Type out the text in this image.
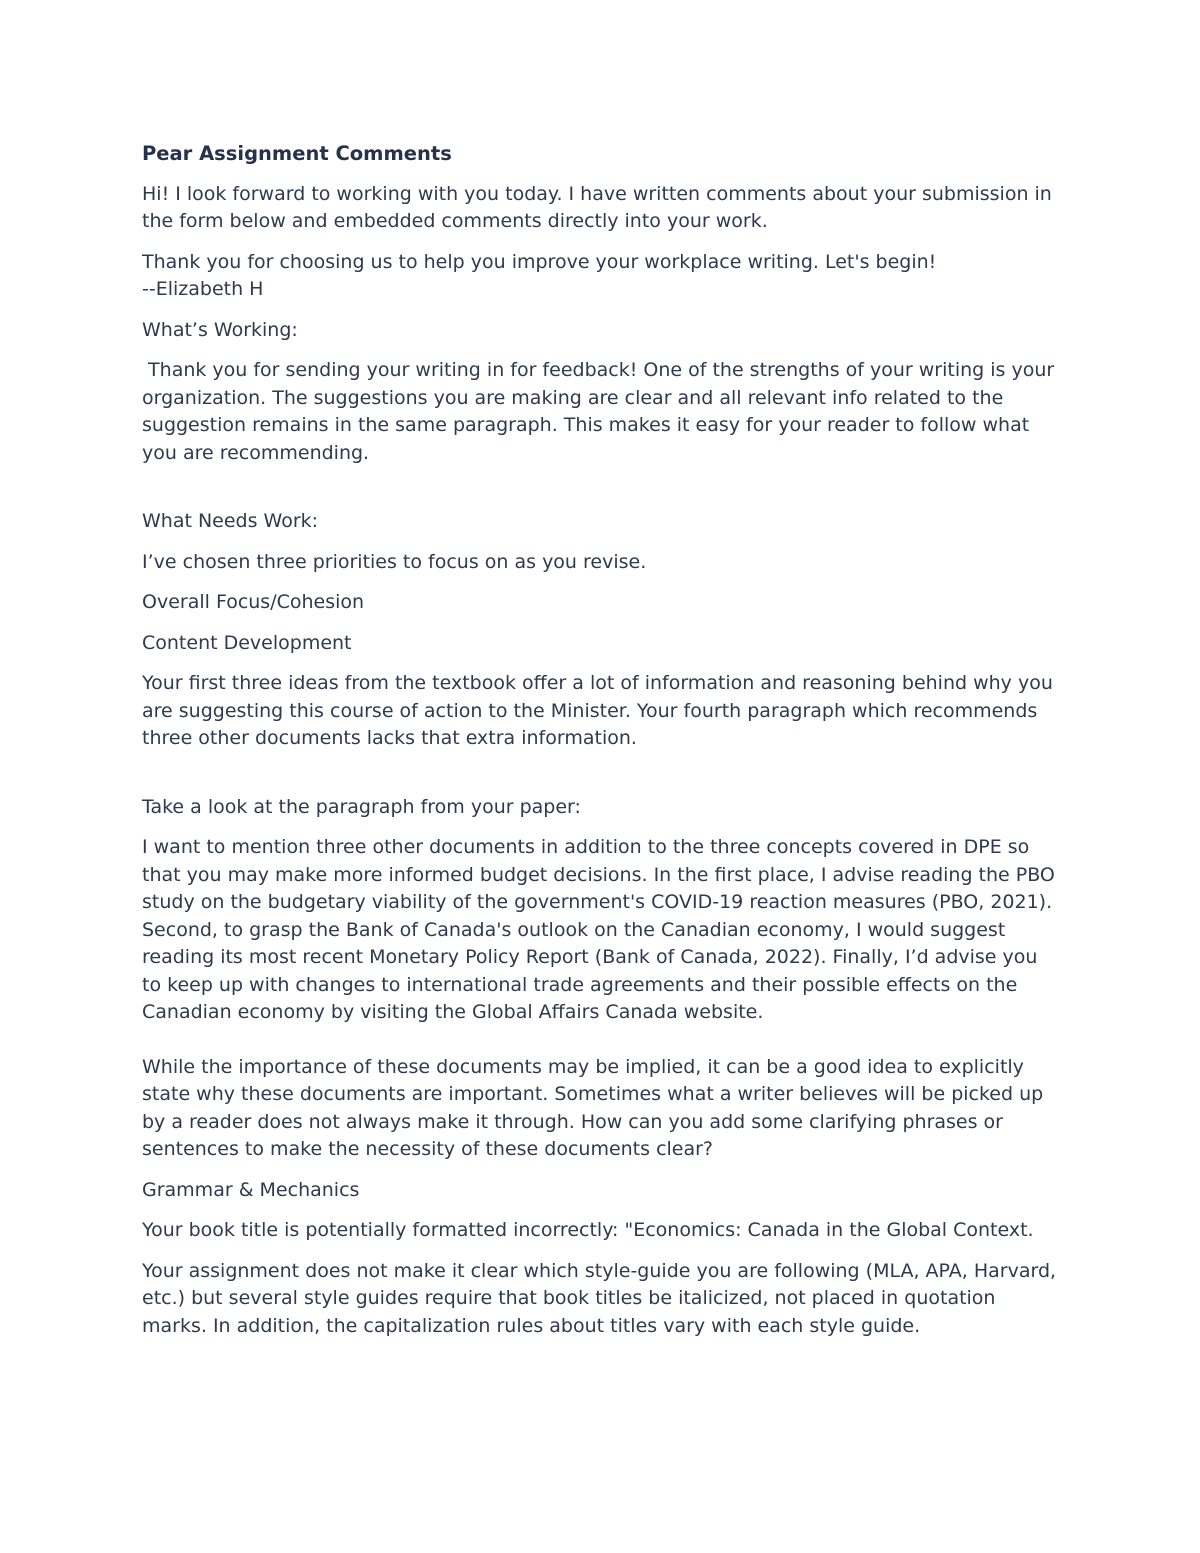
Pear Assignment Comments

Hi! I look forward to working with you today. I have written comments about your submission in the form below and embedded comments directly into your work.

Thank you for choosing us to help you improve your workplace writing. Let's begin!

--Elizabeth H

What’s Working:

Thank you for sending your writing in for feedback! One of the strengths of your writing is your organization. The suggestions you are making are clear and all relevant info related to the suggestion remains in the same paragraph. This makes it easy for your reader to follow what you are recommending.

What Needs Work:

I’ve chosen three priorities to focus on as you revise.

Overall Focus/Cohesion

Content Development

Your first three ideas from the textbook offer a lot of information and reasoning behind why you are suggesting this course of action to the Minister. Your fourth paragraph which recommends three other documents lacks that extra information.

Take a look at the paragraph from your paper:

I want to mention three other documents in addition to the three concepts covered in DPE so that you may make more informed budget decisions. In the first place, I advise reading the PBO study on the budgetary viability of the government's COVID-19 reaction measures (PBO, 2021). Second, to grasp the Bank of Canada's outlook on the Canadian economy, I would suggest reading its most recent Monetary Policy Report (Bank of Canada, 2022). Finally, I’d advise you to keep up with changes to international trade agreements and their possible effects on the Canadian economy by visiting the Global Affairs Canada website.

While the importance of these documents may be implied, it can be a good idea to explicitly state why these documents are important. Sometimes what a writer believes will be picked up by a reader does not always make it through. How can you add some clarifying phrases or sentences to make the necessity of these documents clear?

Grammar & Mechanics

Your book title is potentially formatted incorrectly: "Economics: Canada in the Global Context.

Your assignment does not make it clear which style-guide you are following (MLA, APA, Harvard, etc.) but several style guides require that book titles be italicized, not placed in quotation marks. In addition, the capitalization rules about titles vary with each style guide.
